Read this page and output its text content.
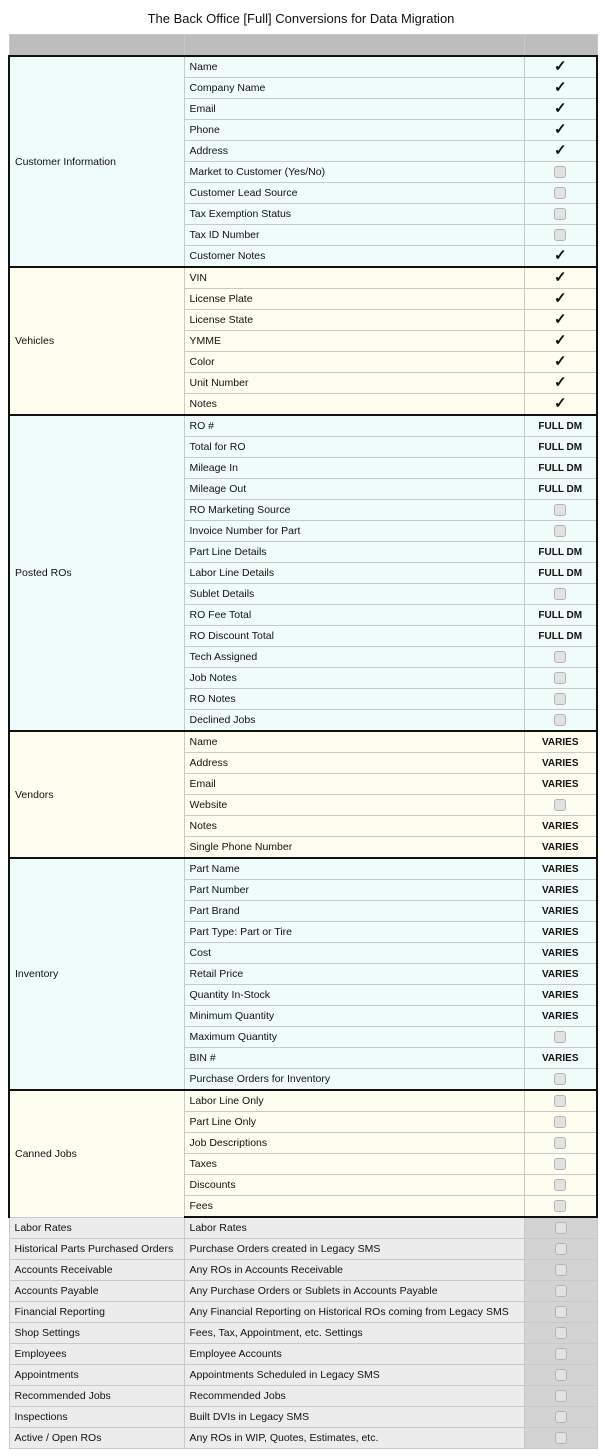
The Back Office [Full] Conversions for Data Migration

Customer Information	Name	✓
	Company Name	✓
	Email	✓
	Phone	✓
	Address	✓
	Market to Customer (Yes/No)	
	Customer Lead Source	
	Tax Exemption Status	
	Tax ID Number	
	Customer Notes	✓
Vehicles	VIN	✓
	License Plate	✓
	License State	✓
	YMME	✓
	Color	✓
	Unit Number	✓
	Notes	✓
Posted ROs	RO #	FULL DM
	Total for RO	FULL DM
	Mileage In	FULL DM
	Mileage Out	FULL DM
	RO Marketing Source	
	Invoice Number for Part	
	Part Line Details	FULL DM
	Labor Line Details	FULL DM
	Sublet Details	
	RO Fee Total	FULL DM
	RO Discount Total	FULL DM
	Tech Assigned	
	Job Notes	
	RO Notes	
	Declined Jobs	
Vendors	Name	VARIES
	Address	VARIES
	Email	VARIES
	Website	
	Notes	VARIES
	Single Phone Number	VARIES
Inventory	Part Name	VARIES
	Part Number	VARIES
	Part Brand	VARIES
	Part Type: Part or Tire	VARIES
	Cost	VARIES
	Retail Price	VARIES
	Quantity In-Stock	VARIES
	Minimum Quantity	VARIES
	Maximum Quantity	
	BIN #	VARIES
	Purchase Orders for Inventory	
Canned Jobs	Labor Line Only	
	Part Line Only	
	Job Descriptions	
	Taxes	
	Discounts	
	Fees	
Labor Rates	Labor Rates	
Historical Parts Purchased Orders	Purchase Orders created in Legacy SMS	
Accounts Receivable	Any ROs in Accounts Receivable	
Accounts Payable	Any Purchase Orders or Sublets in Accounts Payable	
Financial Reporting	Any Financial Reporting on Historical ROs coming from Legacy SMS	
Shop Settings	Fees, Tax, Appointment, etc. Settings	
Employees	Employee Accounts	
Appointments	Appointments Scheduled in Legacy SMS	
Recommended Jobs	Recommended Jobs	
Inspections	Built DVIs in Legacy SMS	
Active / Open ROs	Any ROs in WIP, Quotes, Estimates, etc.	
